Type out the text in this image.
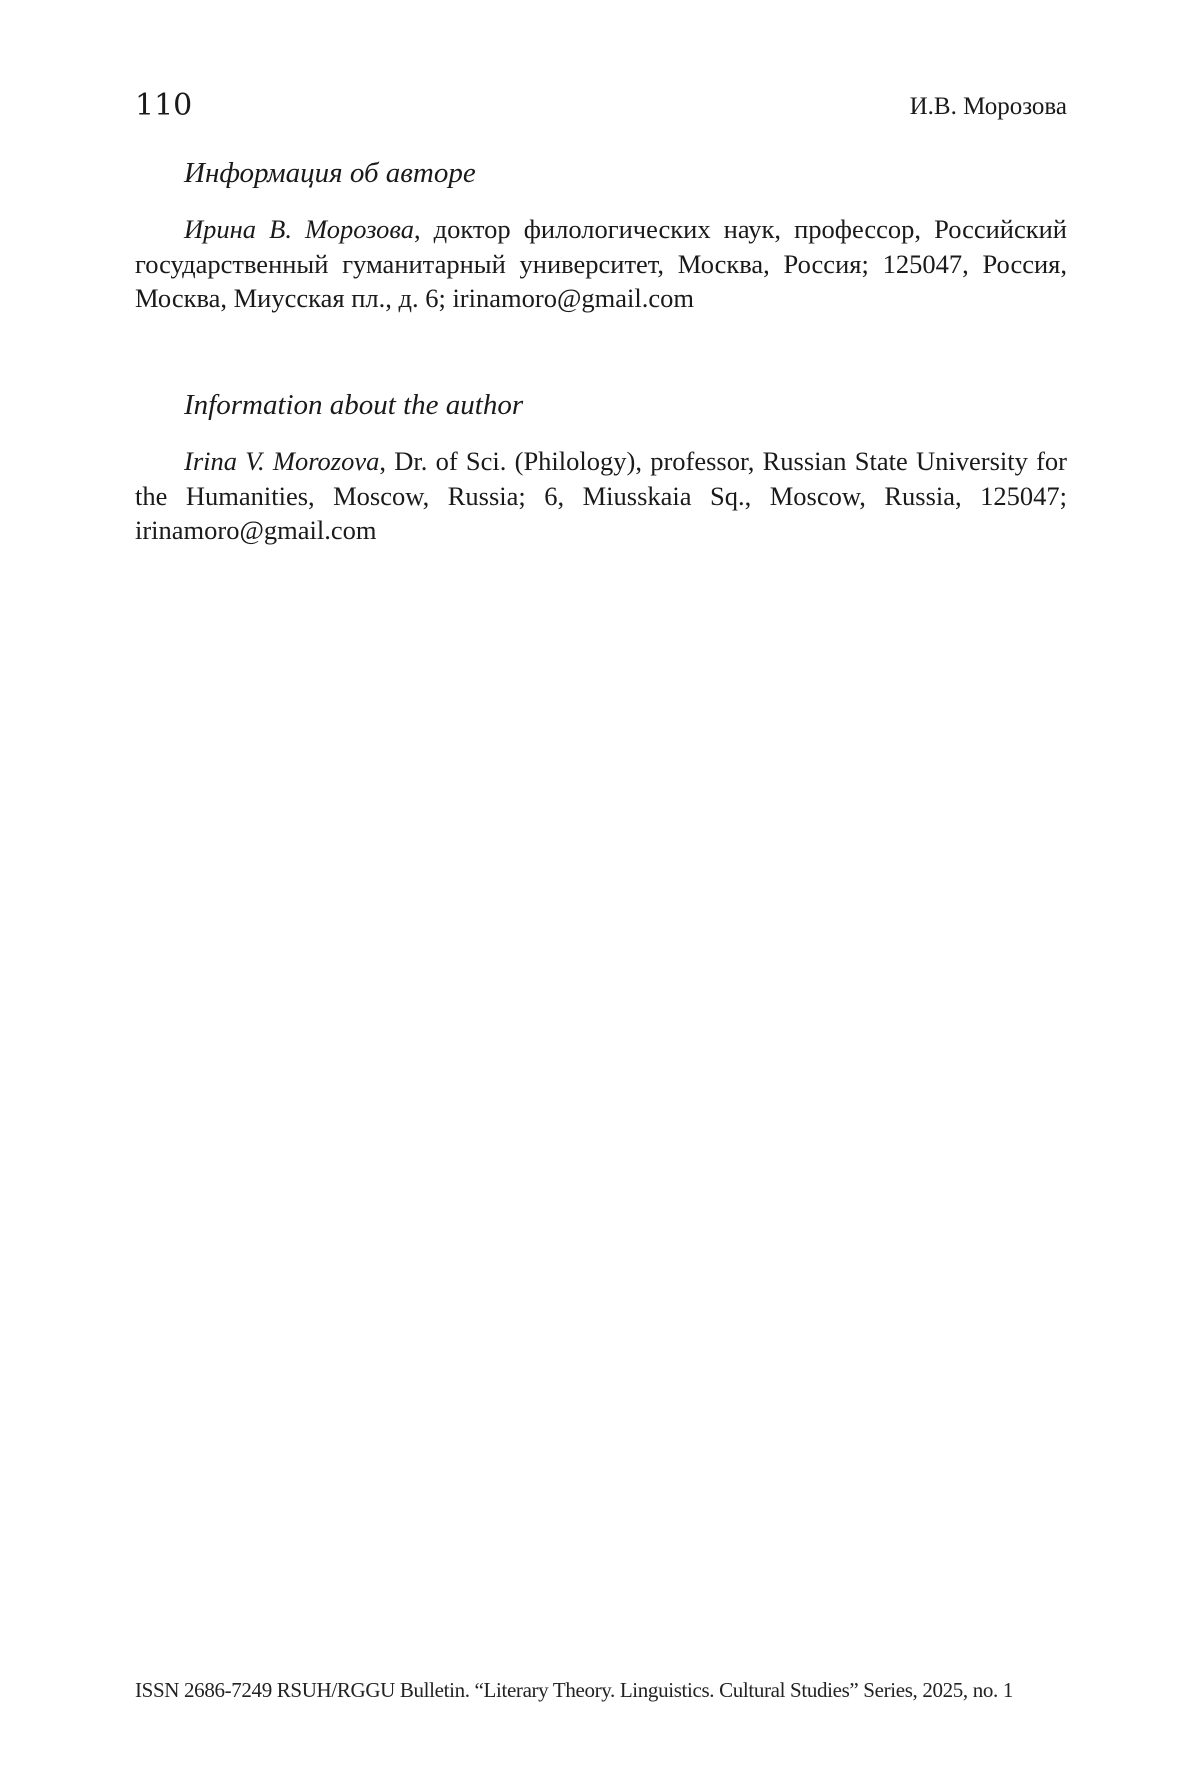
110	И.В. Морозова
Информация об авторе

Ирина В. Морозова, доктор филологических наук, профессор, Российский государственный гуманитарный университет, Москва, Россия; 125047, Россия, Москва, Миусская пл., д. 6; irinamoro@gmail.com

Information about the author

Irina V. Morozova, Dr. of Sci. (Philology), professor, Russian State University for the Humanities, Moscow, Russia; 6, Miusskaia Sq., Moscow, Russia, 125047; irinamoro@gmail.com

ISSN 2686-7249 RSUH/RGGU Bulletin. “Literary Theory. Linguistics. Cultural Studies” Series, 2025, no. 1
